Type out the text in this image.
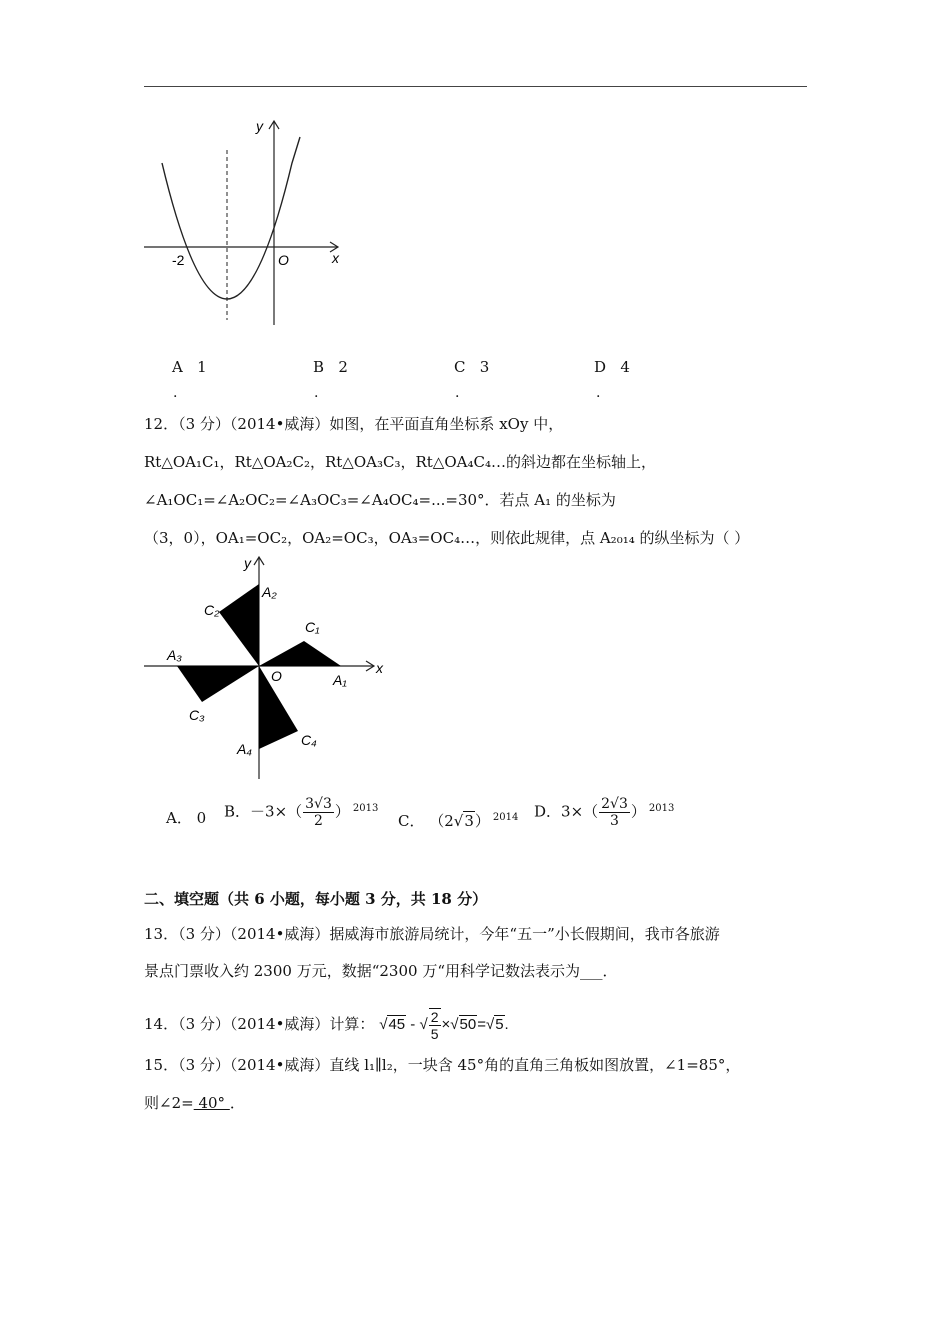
y
x
O
-2
A 1	B 2	C 3	D 4
.	.	.	.
12．（3 分）（2014•威海）如图，在平面直角坐标系 xOy 中，
Rt△OA₁C₁，Rt△OA₂C₂，Rt△OA₃C₃，Rt△OA₄C₄…的斜边都在坐标轴上，
∠A₁OC₁=∠A₂OC₂=∠A₃OC₃=∠A₄OC₄=...=30°．若点 A₁ 的坐标为
（3，0），OA₁=OC₂，OA₂=OC₃，OA₃=OC₄…，则依此规律，点 A₂₀₁₄ 的纵坐标为（ ）
y
x
O	A₁
A₂
A₃
A₄
C₁
C₂
C₃
C₄
A． 0 B．$-3\times( \frac{3√3}{2}$ ） $^{2013}$
C． （2√3） $^{2014}$ D．$3\times( \frac{2√3}{3}$ ） $^{2013}$
二、填空题（共 6 小题，每小题 3 分，共 18 分）
13．（3 分）（2014•威海）据威海市旅游局统计，今年“五一”小长假期间，我市各旅游
景点门票收入约 2300 万元，数据“2300 万“用科学记数法表示为___．
14．（3 分）（2014•威海）计算： √45 - √ $\frac{2}{5} \times√50=√5$.
15．（3 分）（2014•威海）直线 l₁∥l₂，一块含 45°角的直角三角板如图放置，∠1=85°，
则∠2= 40° ．
